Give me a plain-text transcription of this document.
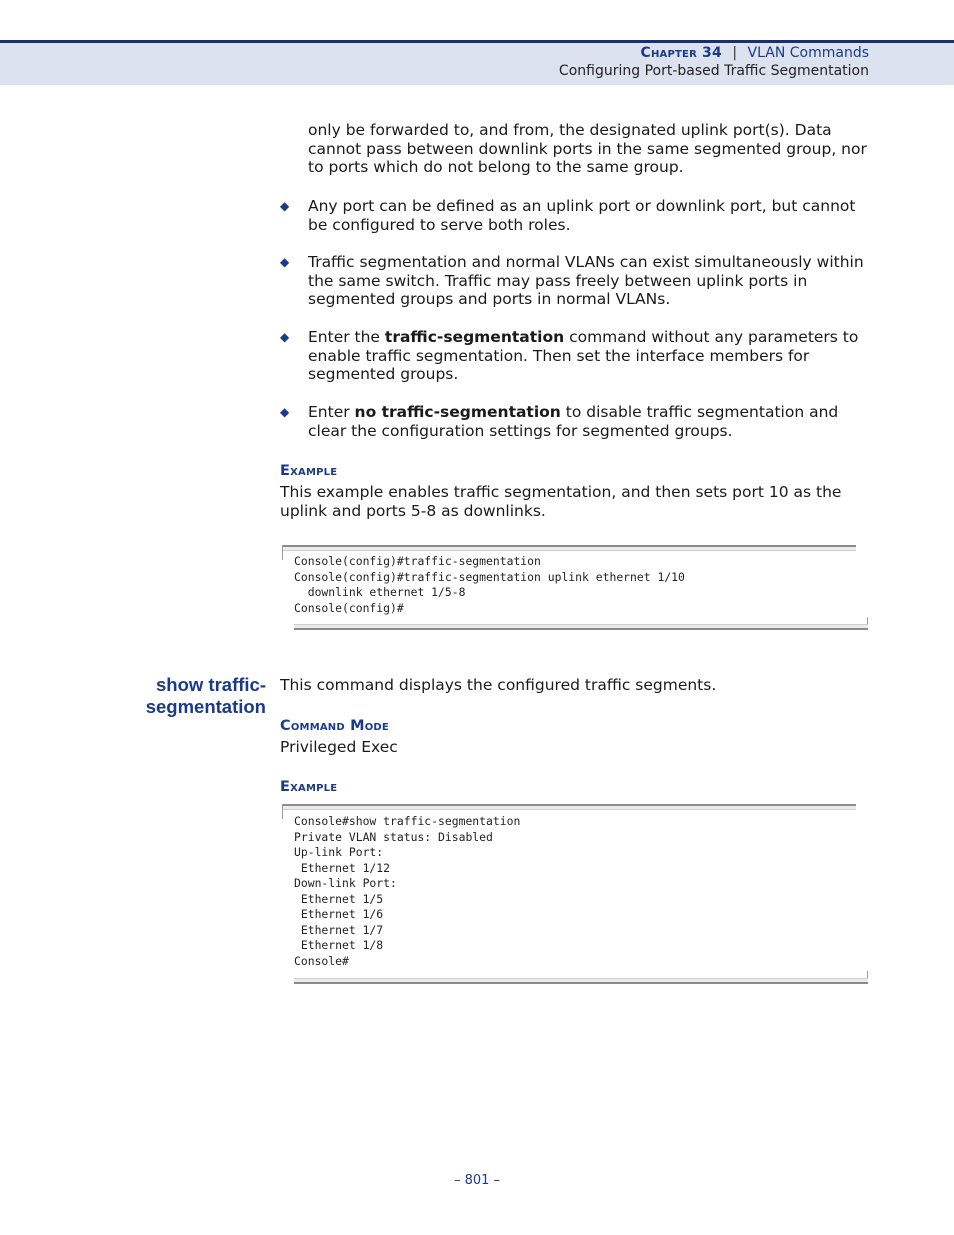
Chapter 34 | VLAN Commands
Configuring Port-based Traffic Segmentation
only be forwarded to, and from, the designated uplink port(s). Data cannot pass between downlink ports in the same segmented group, nor to ports which do not belong to the same group.
◆	Any port can be defined as an uplink port or downlink port, but cannot be configured to serve both roles.
◆	Traffic segmentation and normal VLANs can exist simultaneously within the same switch. Traffic may pass freely between uplink ports in segmented groups and ports in normal VLANs.
◆	Enter the traffic-segmentation command without any parameters to enable traffic segmentation. Then set the interface members for segmented groups.
◆	Enter no traffic-segmentation to disable traffic segmentation and clear the configuration settings for segmented groups.
Example
This example enables traffic segmentation, and then sets port 10 as the uplink and ports 5-8 as downlinks.
Console(config)#traffic-segmentation
Console(config)#traffic-segmentation uplink ethernet 1/10
downlink ethernet 1/5-8
Console(config)#
show traffic-
segmentation
This command displays the configured traffic segments.
Command Mode
Privileged Exec
Example
Console#show traffic-segmentation
Private VLAN status: Disabled
Up-link Port:
Ethernet 1/12
Down-link Port:
Ethernet 1/5
Ethernet 1/6
Ethernet 1/7
Ethernet 1/8
Console#
– 801 –
